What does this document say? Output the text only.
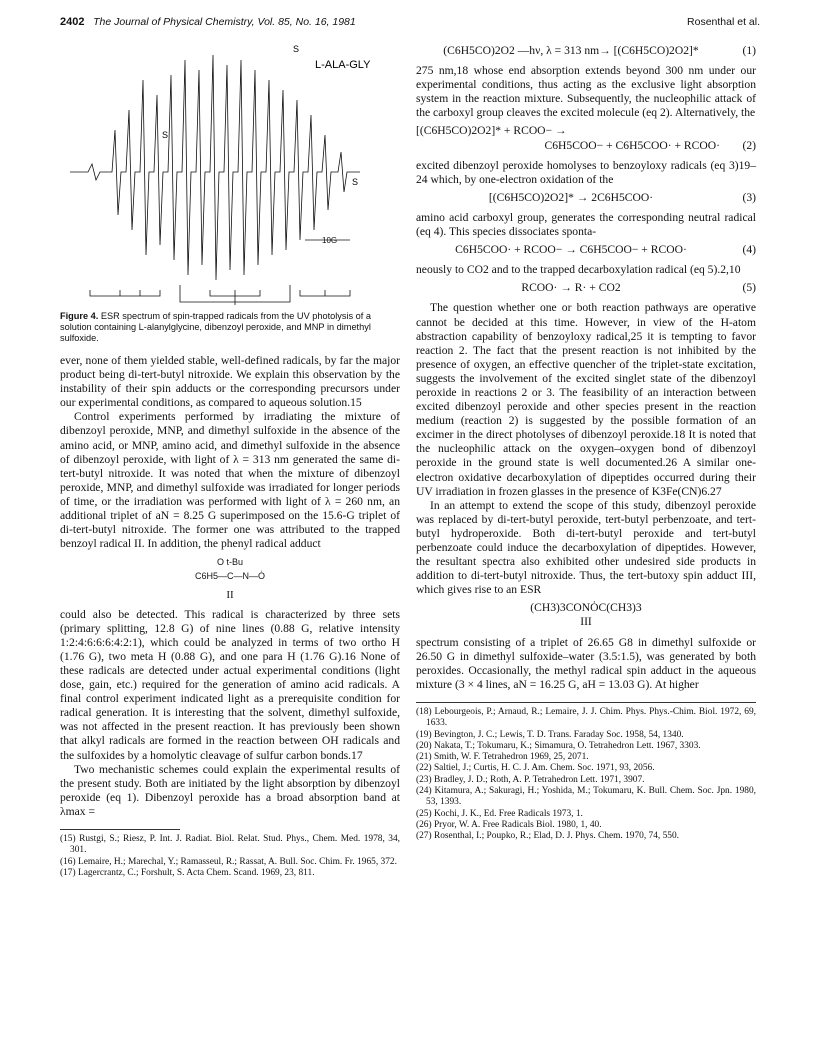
2402 The Journal of Physical Chemistry, Vol. 85, No. 16, 1981	Rosenthal et al.
S
S
S
L-ALA-GLY
10G
Figure 4. ESR spectrum of spin-trapped radicals from the UV photolysis of a solution containing L-alanylglycine, dibenzoyl peroxide, and MNP in dimethyl sulfoxide.

ever, none of them yielded stable, well-defined radicals, by far the major product being di-tert-butyl nitroxide. We explain this observation by the instability of their spin adducts or the corresponding precursors under our experimental conditions, as compared to aqueous solution.15

Control experiments performed by irradiating the mixture of dibenzoyl peroxide, MNP, and dimethyl sulfoxide in the absence of the amino acid, or MNP, amino acid, and dimethyl sulfoxide in the absence of dibenzoyl peroxide, with light of λ = 313 nm generated the same di-tert-butyl nitroxide. It was noted that when the mixture of dibenzoyl peroxide, MNP, and dimethyl sulfoxide was irradiated for longer periods of time, or the irradiation was performed with light of λ = 260 nm, an additional triplet of aN = 8.25 G superimposed on the 15.6-G triplet of di-tert-butyl nitroxide. The former one was attributed to the trapped benzoyl radical II. In addition, the phenyl radical adduct

O t-Bu
C6H5—C—N—Ȯ
II

could also be detected. This radical is characterized by three sets (primary splitting, 12.8 G) of nine lines (0.88 G, relative intensity 1:2:4:6:6:6:4:2:1), which could be analyzed in terms of two ortho H (1.76 G), two meta H (0.88 G), and one para H (1.76 G).16 None of these radicals are detected under actual experimental conditions (light dose, gain, etc.) required for the generation of amino acid radicals. A final control experiment indicated light as a prerequisite condition for radical generation. It is interesting that the solvent, dimethyl sulfoxide, was not affected in the present reaction. It has previously been shown that alkyl radicals are formed in the reaction between OH radicals and the sulfoxides by a homolytic cleavage of sulfur carbon bonds.17

Two mechanistic schemes could explain the experimental results of the present study. Both are initiated by the light absorption by dibenzoyl peroxide (eq 1). Dibenzoyl peroxide has a broad absorption band at λmax =

(15) Rustgi, S.; Riesz, P. Int. J. Radiat. Biol. Relat. Stud. Phys., Chem. Med. 1978, 34, 301.
(16) Lemaire, H.; Marechal, Y.; Ramasseul, R.; Rassat, A. Bull. Soc. Chim. Fr. 1965, 372.
(17) Lagercrantz, C.; Forshult, S. Acta Chem. Scand. 1969, 23, 811.
(C6H5CO)2O2 —hν, λ = 313 nm→ [(C6H5CO)2O2]*	(1)

275 nm,18 whose end absorption extends beyond 300 nm under our experimental conditions, thus acting as the exclusive light absorption system in the reaction mixture. Subsequently, the nucleophilic attack of the carboxyl group cleaves the excited molecule (eq 2). Alternatively, the

[(C6H5CO)2O2]* + RCOO− →
C6H5COO− + C6H5COO· + RCOO·	(2)

excited dibenzoyl peroxide homolyses to benzoyloxy radicals (eq 3)19–24 which, by one-electron oxidation of the

[(C6H5CO)2O2]* → 2C6H5COO·	(3)

amino acid carboxyl group, generates the corresponding neutral radical (eq 4). This species dissociates sponta-

C6H5COO· + RCOO− → C6H5COO− + RCOO·	(4)

neously to CO2 and to the trapped decarboxylation radical (eq 5).2,10

RCOO· → R· + CO2	(5)

The question whether one or both reaction pathways are operative cannot be decided at this time. However, in view of the H-atom abstraction capability of benzoyloxy radical,25 it is tempting to favor reaction 2. The fact that the present reaction is not inhibited by the presence of oxygen, an effective quencher of the triplet-state excitation, suggests the involvement of the excited singlet state of the dibenzoyl peroxide in reactions 2 or 3. The feasibility of an interaction between excited dibenzoyl peroxide and other species present in the reaction medium (reaction 2) is suggested by the possible formation of an excimer in the direct photolyses of dibenzoyl peroxide.18 It is noted that the nucleophilic attack on the oxygen–oxygen bond of dibenzoyl peroxide in the ground state is well documented.26 A similar one-electron oxidative decarboxylation of dipeptides occurred during their UV irradiation in frozen glasses in the presence of K3Fe(CN)6.27

In an attempt to extend the scope of this study, dibenzoyl peroxide was replaced by di-tert-butyl peroxide, tert-butyl perbenzoate, and tert-butyl hydroperoxide. Both di-tert-butyl peroxide and tert-butyl perbenzoate could induce the decarboxylation of dipeptides. However, the resultant spectra also exhibited other undesired side products in addition to di-tert-butyl nitroxide. Thus, the tert-butoxy spin adduct III, which gives rise to an ESR

(CH3)3CONȮC(CH3)3
III

spectrum consisting of a triplet of 26.65 G8 in dimethyl sulfoxide or 26.50 G in dimethyl sulfoxide–water (3.5:1.5), was generated by both peroxides. Occasionally, the methyl radical spin adduct in the aqueous mixture (3 × 4 lines, aN = 16.25 G, aH = 13.03 G). At higher

(18) Lebourgeois, P.; Arnaud, R.; Lemaire, J. J. Chim. Phys. Phys.-Chim. Biol. 1972, 69, 1633.
(19) Bevington, J. C.; Lewis, T. D. Trans. Faraday Soc. 1958, 54, 1340.
(20) Nakata, T.; Tokumaru, K.; Simamura, O. Tetrahedron Lett. 1967, 3303.
(21) Smith, W. F. Tetrahedron 1969, 25, 2071.
(22) Saltiel, J.; Curtis, H. C. J. Am. Chem. Soc. 1971, 93, 2056.
(23) Bradley, J. D.; Roth, A. P. Tetrahedron Lett. 1971, 3907.
(24) Kitamura, A.; Sakuragi, H.; Yoshida, M.; Tokumaru, K. Bull. Chem. Soc. Jpn. 1980, 53, 1393.
(25) Kochi, J. K., Ed. Free Radicals 1973, 1.
(26) Pryor, W. A. Free Radicals Biol. 1980, 1, 40.
(27) Rosenthal, I.; Poupko, R.; Elad, D. J. Phys. Chem. 1970, 74, 550.
